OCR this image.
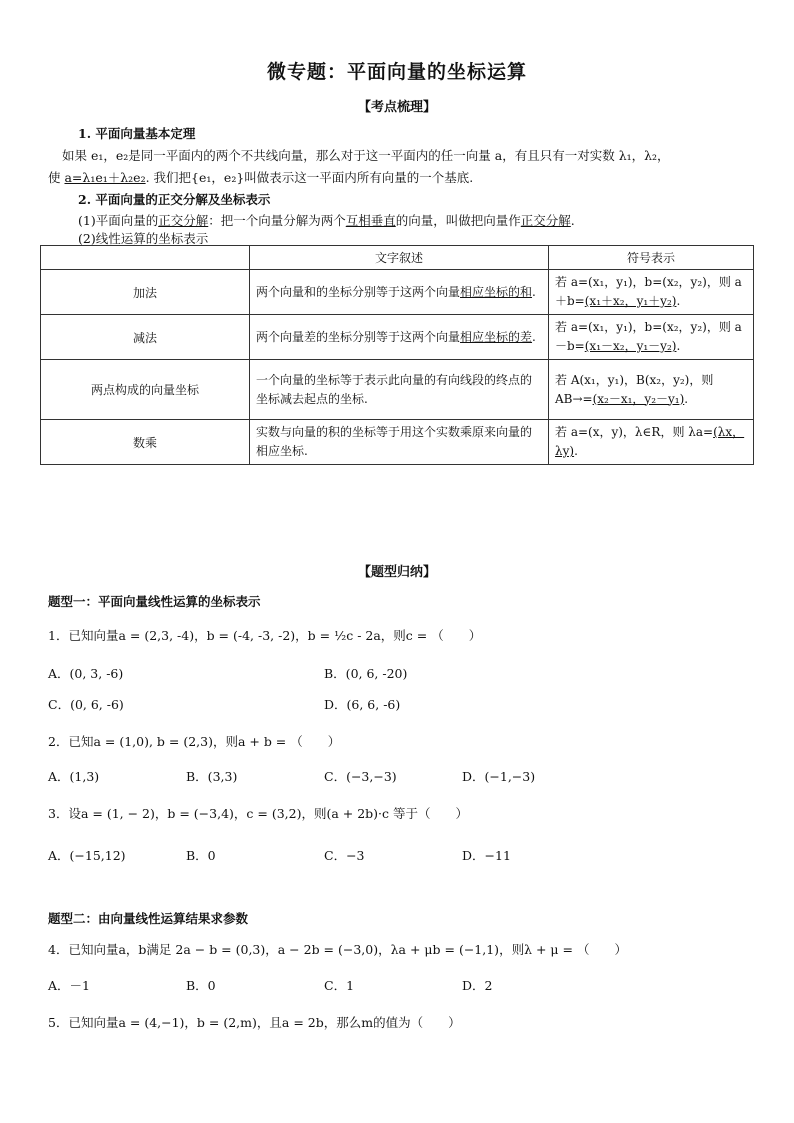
微专题：平面向量的坐标运算
【考点梳理】
1. 平面向量基本定理
如果 e₁，e₂是同一平面内的两个不共线向量，那么对于这一平面内的任一向量 a，有且只有一对实数 λ₁，λ₂，
使 a=λ₁e₁＋λ₂e₂. 我们把{e₁，e₂}叫做表示这一平面内所有向量的一个基底.
2. 平面向量的正交分解及坐标表示
(1)平面向量的正交分解：把一个向量分解为两个互相垂直的向量，叫做把向量作正交分解.
(2)线性运算的坐标表示
	文字叙述	符号表示
加法	两个向量和的坐标分别等于这两个向量相应坐标的和.	若 a=(x₁，y₁)，b=(x₂，y₂)，则 a＋b=(x₁＋x₂，y₁＋y₂).
减法	两个向量差的坐标分别等于这两个向量相应坐标的差.	若 a=(x₁，y₁)，b=(x₂，y₂)，则 a－b=(x₁－x₂，y₁－y₂).
两点构成的向量坐标	一个向量的坐标等于表示此向量的有向线段的终点的坐标减去起点的坐标.	若 A(x₁，y₁)，B(x₂，y₂)，则AB→=(x₂－x₁，y₂－y₁).
数乘	实数与向量的积的坐标等于用这个实数乘原来向量的相应坐标.	若 a=(x，y)，λ∈R，则 λa=(λx，λy).
【题型归纳】
题型一：平面向量线性运算的坐标表示
1．已知向量a = (2,3, -4)，b = (-4, -3, -2)，b = ½c - 2a，则c = （　　）
A．(0, 3, -6)	B．(0, 6, -20)
C．(0, 6, -6)	D．(6, 6, -6)
2．已知a = (1,0), b = (2,3)，则a + b = （　　）
A．(1,3)	B．(3,3)	C．(−3,−3)	D．(−1,−3)
3．设a = (1, − 2)，b = (−3,4)，c = (3,2)，则(a + 2b)·c 等于（　　）
A．(−15,12)	B．0	C．−3	D．−11
题型二：由向量线性运算结果求参数
4．已知向量a，b满足 2a − b = (0,3)，a − 2b = (−3,0)，λa + μb = (−1,1)，则λ + μ = （　　）
A．－1	B．0	C．1	D．2
5．已知向量a = (4,−1)，b = (2,m)，且a = 2b，那么m的值为（　　）
